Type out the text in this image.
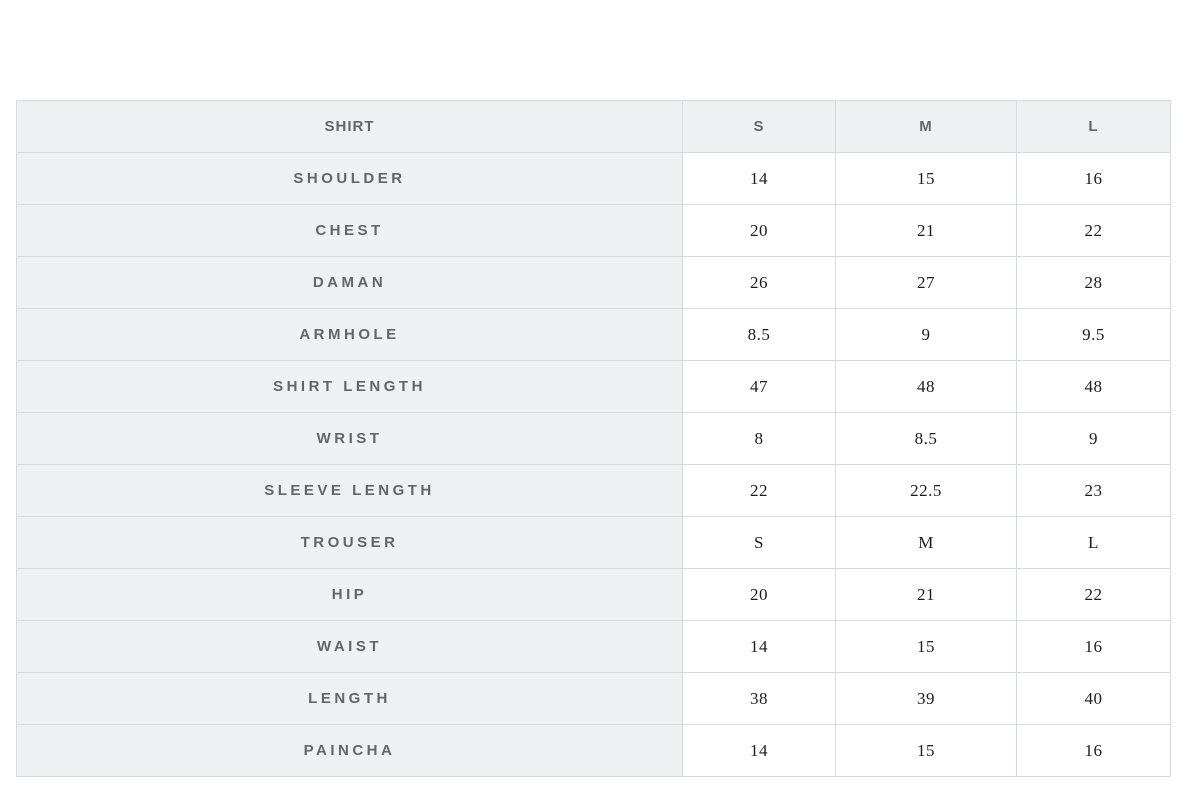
SHIRT	S	M	L
SHOULDER	14	15	16
CHEST	20	21	22
DAMAN	26	27	28
ARMHOLE	8.5	9	9.5
SHIRT LENGTH	47	48	48
WRIST	8	8.5	9
SLEEVE LENGTH	22	22.5	23
TROUSER	S	M	L
HIP	20	21	22
WAIST	14	15	16
LENGTH	38	39	40
PAINCHA	14	15	16
